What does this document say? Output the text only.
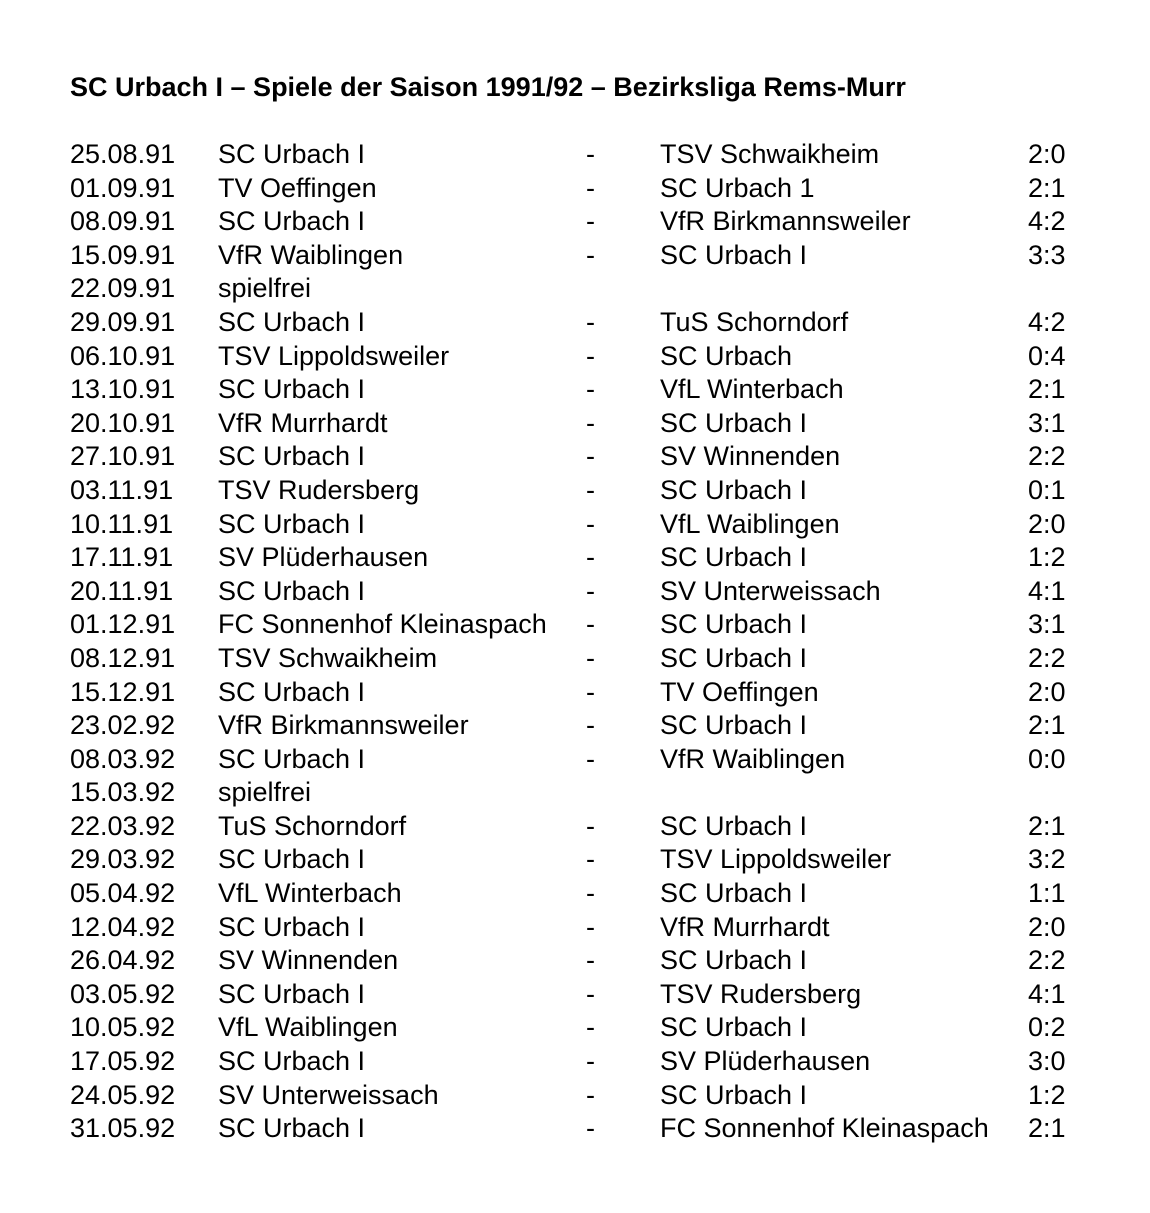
SC Urbach I – Spiele der Saison 1991/92 – Bezirksliga Rems-Murr
25.08.91 SC Urbach I	- TSV Schwaikheim	2:0
01.09.91 TV Oeffingen	- SC Urbach 1	2:1
08.09.91 SC Urbach I	- VfR Birkmannsweiler	4:2
15.09.91 VfR Waiblingen	- SC Urbach I	3:3
22.09.91 spielfrei
29.09.91 SC Urbach I	- TuS Schorndorf	4:2
06.10.91 TSV Lippoldsweiler	- SC Urbach	0:4
13.10.91 SC Urbach I	- VfL Winterbach	2:1
20.10.91 VfR Murrhardt	- SC Urbach I	3:1
27.10.91 SC Urbach I	- SV Winnenden	2:2
03.11.91 TSV Rudersberg	- SC Urbach I	0:1
10.11.91 SC Urbach I	- VfL Waiblingen	2:0
17.11.91 SV Plüderhausen	- SC Urbach I	1:2
20.11.91 SC Urbach I	- SV Unterweissach	4:1
01.12.91 FC Sonnenhof Kleinaspach - SC Urbach I	3:1
08.12.91 TSV Schwaikheim	- SC Urbach I	2:2
15.12.91 SC Urbach I	- TV Oeffingen	2:0
23.02.92 VfR Birkmannsweiler	- SC Urbach I	2:1
08.03.92 SC Urbach I	- VfR Waiblingen	0:0
15.03.92 spielfrei
22.03.92 TuS Schorndorf	- SC Urbach I	2:1
29.03.92 SC Urbach I	- TSV Lippoldsweiler	3:2
05.04.92 VfL Winterbach	- SC Urbach I	1:1
12.04.92 SC Urbach I	- VfR Murrhardt	2:0
26.04.92 SV Winnenden	- SC Urbach I	2:2
03.05.92 SC Urbach I	- TSV Rudersberg	4:1
10.05.92 VfL Waiblingen	- SC Urbach I	0:2
17.05.92 SC Urbach I	- SV Plüderhausen	3:0
24.05.92 SV Unterweissach	- SC Urbach I	1:2
31.05.92 SC Urbach I	- FC Sonnenhof Kleinaspach 2:1
